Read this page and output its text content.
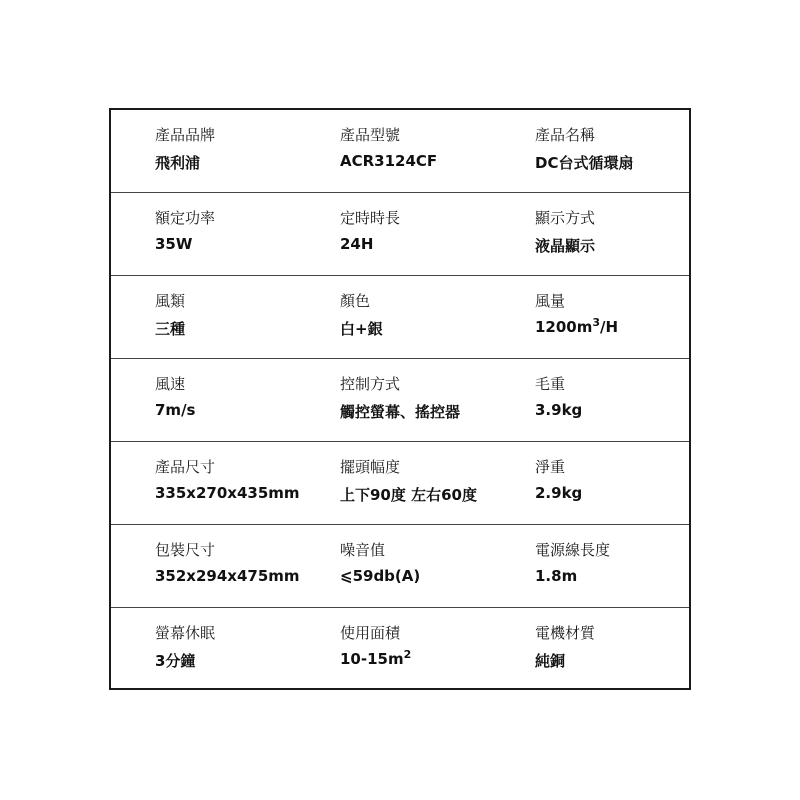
產品品牌
飛利浦
產品型號
ACR3124CF
產品名稱
DC台式循環扇
額定功率
35W
定時時長
24H
顯示方式
液晶顯示
風類
三種
顏色
白+銀
風量
$1200m^3/H$
風速
7m/s
控制方式
觸控螢幕、搖控器
毛重
3.9kg
產品尺寸
335x270x435mm
擺頭幅度
上下90度 左右60度
淨重
2.9kg
包裝尺寸
352x294x475mm
噪音值
⩽59db(A)
電源線長度
1.8m
螢幕休眠
3分鐘
使用面積
$10-15m^2$
電機材質
純銅
